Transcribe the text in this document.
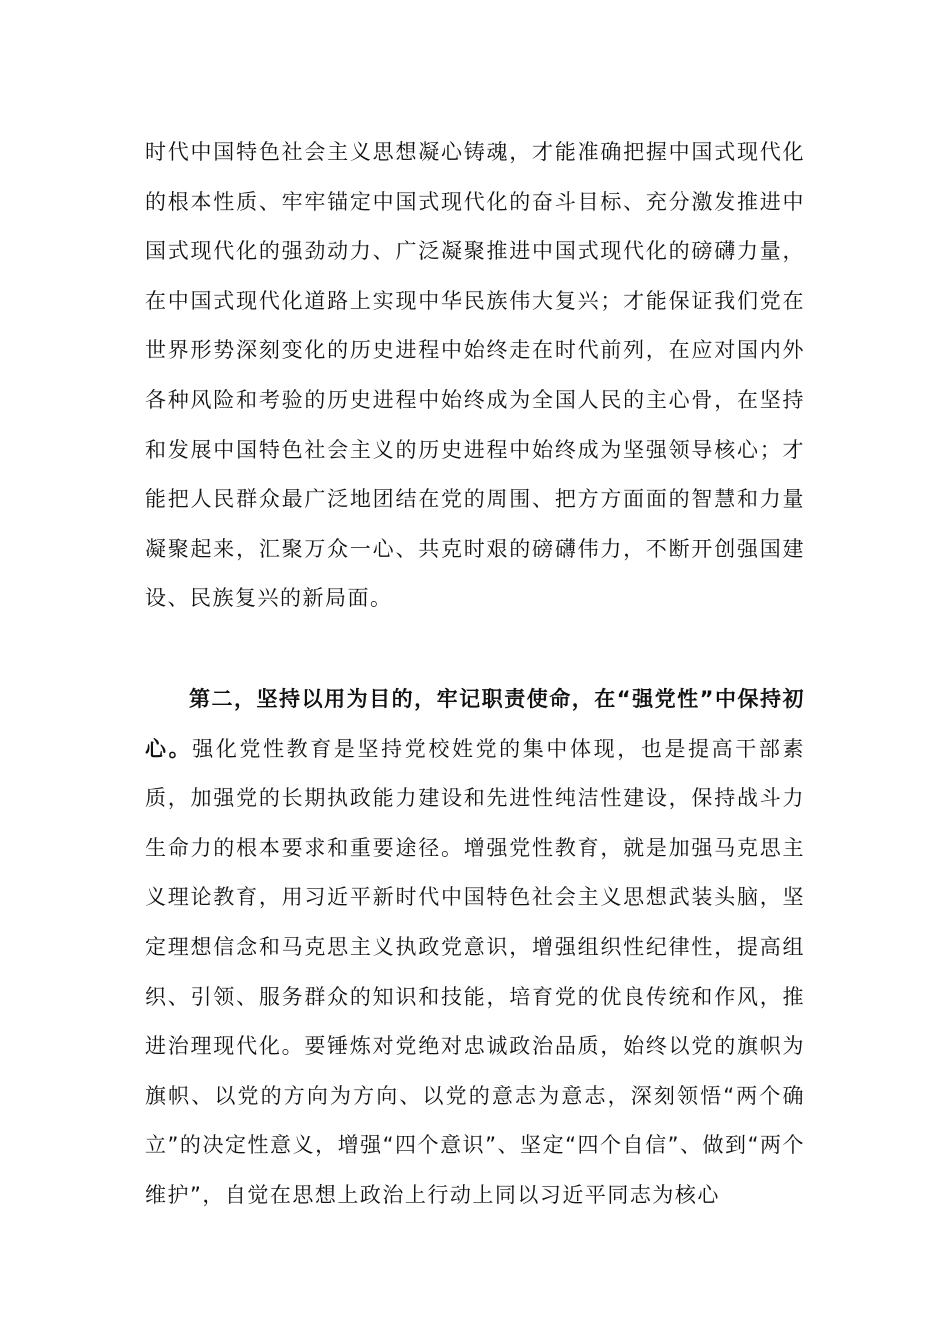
时代中国特色社会主义思想凝心铸魂，才能准确把握中国式现代化的根本性质、牢牢锚定中国式现代化的奋斗目标、充分激发推进中国式现代化的强劲动力、广泛凝聚推进中国式现代化的磅礴力量，在中国式现代化道路上实现中华民族伟大复兴；才能保证我们党在世界形势深刻变化的历史进程中始终走在时代前列，在应对国内外各种风险和考验的历史进程中始终成为全国人民的主心骨，在坚持和发展中国特色社会主义的历史进程中始终成为坚强领导核心；才能把人民群众最广泛地团结在党的周围、把方方面面的智慧和力量凝聚起来，汇聚万众一心、共克时艰的磅礴伟力，不断开创强国建设、民族复兴的新局面。

第二，坚持以用为目的，牢记职责使命，在“强党性”中保持初心。强化党性教育是坚持党校姓党的集中体现，也是提高干部素质，加强党的长期执政能力建设和先进性纯洁性建设，保持战斗力生命力的根本要求和重要途径。增强党性教育，就是加强马克思主义理论教育，用习近平新时代中国特色社会主义思想武装头脑，坚定理想信念和马克思主义执政党意识，增强组织性纪律性，提高组织、引领、服务群众的知识和技能，培育党的优良传统和作风，推进治理现代化。要锤炼对党绝对忠诚政治品质，始终以党的旗帜为旗帜、以党的方向为方向、以党的意志为意志，深刻领悟“两个确立”的决定性意义，增强“四个意识”、坚定“四个自信”、做到“两个维护”，自觉在思想上政治上行动上同以习近平同志为核心
